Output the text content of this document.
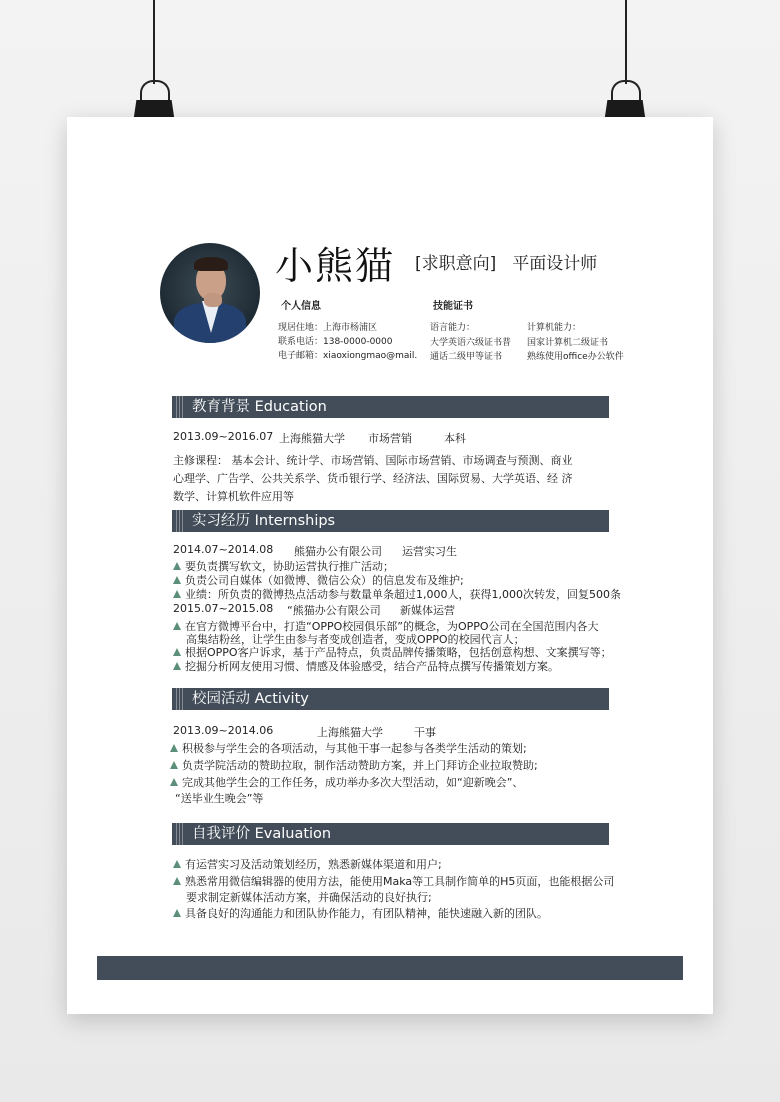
小熊猫 [求职意向] 平面设计师
个人信息
现居住地：上海市杨浦区
联系电话：138-0000-0000
电子邮箱：xiaoxiongmao@mail.
技能证书
语言能力：
大学英语六级证书普
通话二级甲等证书
计算机能力：
国家计算机二级证书
熟练使用office办公软件
教育背景 Education
2013.09~2016.07 上海熊猫大学 市场营销	本科
主修课程： 基本会计、统计学、市场营销、国际市场营销、市场调查与预测、商业
心理学、广告学、公共关系学、货币银行学、经济法、国际贸易、大学英语、经 济
数学、计算机软件应用等
实习经历 Internships
2014.07~2014.08 熊猫办公有限公司 运营实习生
要负责撰写软文，协助运营执行推广活动；
负责公司自媒体（如微博、微信公众）的信息发布及维护;
业绩：所负责的微博热点活动参与数量单条超过1,000人，获得1,000次转发，回复500条
2015.07~2015.08 “熊猫办公有限公司 新媒体运营
在官方微博平台中，打造“OPPO校园俱乐部”的概念，为OPPO公司在全国范围内各大
高集结粉丝，让学生由参与者变成创造者，变成OPPO的校园代言人；
根据OPPO客户诉求，基于产品特点，负责品牌传播策略，包括创意构想、文案撰写等；
挖掘分析网友使用习惯、情感及体验感受，结合产品特点撰写传播策划方案。
校园活动 Activity
2013.09~2014.06	上海熊猫大学	干事
积极参与学生会的各项活动，与其他干事一起参与各类学生活动的策划;
负责学院活动的赞助拉取，制作活动赞助方案，并上门拜访企业拉取赞助;
完成其他学生会的工作任务，成功举办多次大型活动，如“迎新晚会”、
“送毕业生晚会”等
自我评价 Evaluation
有运营实习及活动策划经历，熟悉新媒体渠道和用户;
熟悉常用微信编辑器的使用方法，能使用Maka等工具制作简单的H5页面，也能根据公司
要求制定新媒体活动方案，并确保活动的良好执行;
具备良好的沟通能力和团队协作能力，有团队精神，能快速融入新的团队。
